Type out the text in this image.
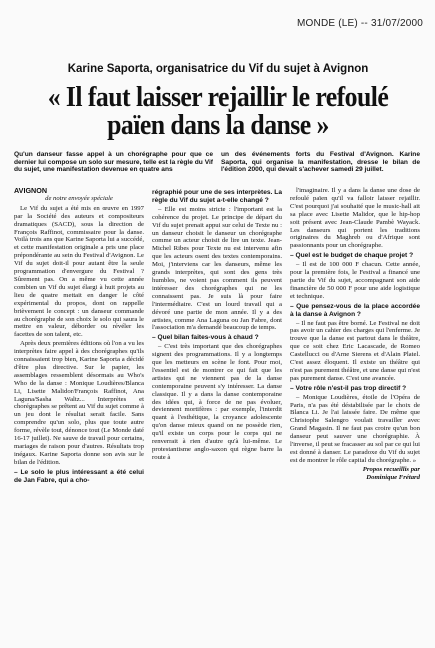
MONDE (LE) -- 31/07/2000
Karine Saporta, organisatrice du Vif du sujet à Avignon
« Il faut laisser rejaillir le refoulé
païen dans la danse »

Qu'un danseur fasse appel à un chorégraphe pour que ce dernier lui compose un solo sur mesure, telle est la règle du Vif du sujet, une manifestation devenue en quatre ans

un des événements forts du Festival d'Avignon. Karine Saporta, qui organise la manifestation, dresse le bilan de l'édition 2000, qui devait s'achever samedi 29 juillet.

AVIGNON

de notre envoyée spéciale

Le Vif du sujet a été mis en œuvre en 1997 par la Société des auteurs et compositeurs dramatiques (SACD), sous la direction de François Raffinot, commissaire pour la danse. Voilà trois ans que Karine Saporta lui a succédé, et cette manifestation originale a pris une place prépondérante au sein du Festival d'Avignon. Le Vif du sujet doit-il pour autant être la seule programmation d'envergure du Festival ? Sûrement pas. On a même vu cette année combien un Vif du sujet élargi à huit projets au lieu de quatre mettait en danger le côté expérimental du propos, dont on rappelle brièvement le concept : un danseur commande au chorégraphe de son choix le solo qui saura le mettre en valeur, déborder ou révéler les facettes de son talent, etc.

Après deux premières éditions où l'on a vu les interprètes faire appel à des chorégraphes qu'ils connaissaient trop bien, Karine Saporta a décidé d'être plus directive. Sur le papier, les assemblages ressemblent désormais au Who's Who de la danse : Monique Loudières/Blanca Li, Lisette Malidor/François Raffinot, Ana Laguna/Sasha Waltz... Interprètes et chorégraphes se prêtent au Vif du sujet comme à un jeu dont le résultat serait facile. Sans comprendre qu'un solo, plus que toute autre forme, révèle tout, dénonce tout (Le Monde daté 16-17 juillet). Ne sauve de travail pour certains, mariages de raison pour d'autres. Résultats trop inégaux. Karine Saporta donne son avis sur le bilan de l'édition.

– Le solo le plus intéressant a été celui de Jan Fabre, qui a cho-

régraphié pour une de ses interprètes. La règle du Vif du sujet a-t-elle changé ?

– Elle est moins stricte : l'important est la cohérence du projet. Le principe de départ du Vif du sujet prenait appui sur celui de Texte nu : un danseur choisit le danseur un chorégraphe comme un acteur choisit de lire un texte. Jean-Michel Ribes pour Texte nu est intervenu afin que les acteurs osent des textes contemporains. Moi, j'interviens car les danseurs, même les grands interprètes, qui sont des gens très humbles, ne voient pas comment ils peuvent intéresser des chorégraphes qui ne les connaissent pas. Je suis là pour faire l'intermédiaire. C'est un lourd travail qui a dévoré une partie de mon année. Il y a des artistes, comme Ana Laguna ou Jan Fabre, dont l'association m'a demandé beaucoup de temps.

– Quel bilan faites-vous à chaud ?

– C'est très important que des chorégraphes signent des programmations. Il y a longtemps que les metteurs en scène le font. Pour moi, l'essentiel est de montrer ce qui fait que les artistes qui ne viennent pas de la danse contemporaine peuvent s'y intéresser. La danse classique. Il y a dans la danse contemporaine des idées qui, à force de ne pas évoluer, deviennent mortifères : par exemple, l'interdit quant à l'esthétique, la croyance adolescente qu'on danse mieux quand on ne possède rien, qu'il existe un corps pour le corps qui ne renverrait à rien d'autre qu'à lui-même. Le protestantisme anglo-saxon qui règne barre la route à

l'imaginaire. Il y a dans la danse une dose de refoulé païen qu'il va falloir laisser rejaillir. C'est pourquoi j'ai souhaité que le music-hall ait sa place avec Lisette Malidor, que le hip-hop soit présent avec Jean-Claude Pambè Wayack. Les danseurs qui portent les traditions originaires du Maghreb ou d'Afrique sont passionnants pour un chorégraphe.

– Quel est le budget de chaque projet ?

– Il est de 100 000 F chacun. Cette année, pour la première fois, le Festival a financé une partie du Vif du sujet, accompagnant son aide financière de 50 000 F pour une aide logistique et technique.

– Que pensez-vous de la place accordée à la danse à Avignon ?

– Il ne faut pas être borné. Le Festival ne doit pas avoir un cahier des charges qui l'enferme. Je trouve que la danse est partout dans le théâtre, que ce soit chez Eric Lacascade, de Romeo Castellucci ou d'Arne Sierens et d'Alain Platel. C'est assez éloquent. Il existe un théâtre qui n'est pas purement théâtre, et une danse qui n'est pas purement danse. C'est une avancée.

– Votre rôle n'est-il pas trop directif ?

– Monique Loudières, étoile de l'Opéra de Paris, n'a pas été déstabilisée par le choix de Blanca Li. Je l'ai laissée faire. De même que Christophe Salengro voulait travailler avec Grand Magasin. Il ne faut pas croire qu'un bon danseur peut sauver une chorégraphie. À l'inverse, il peut se fracasser au sol par ce qui lui est donné à danser. Le paradoxe du Vif du sujet est de montrer le rôle capital du chorégraphe. »

Propos recueillis par
Dominique Frétard
